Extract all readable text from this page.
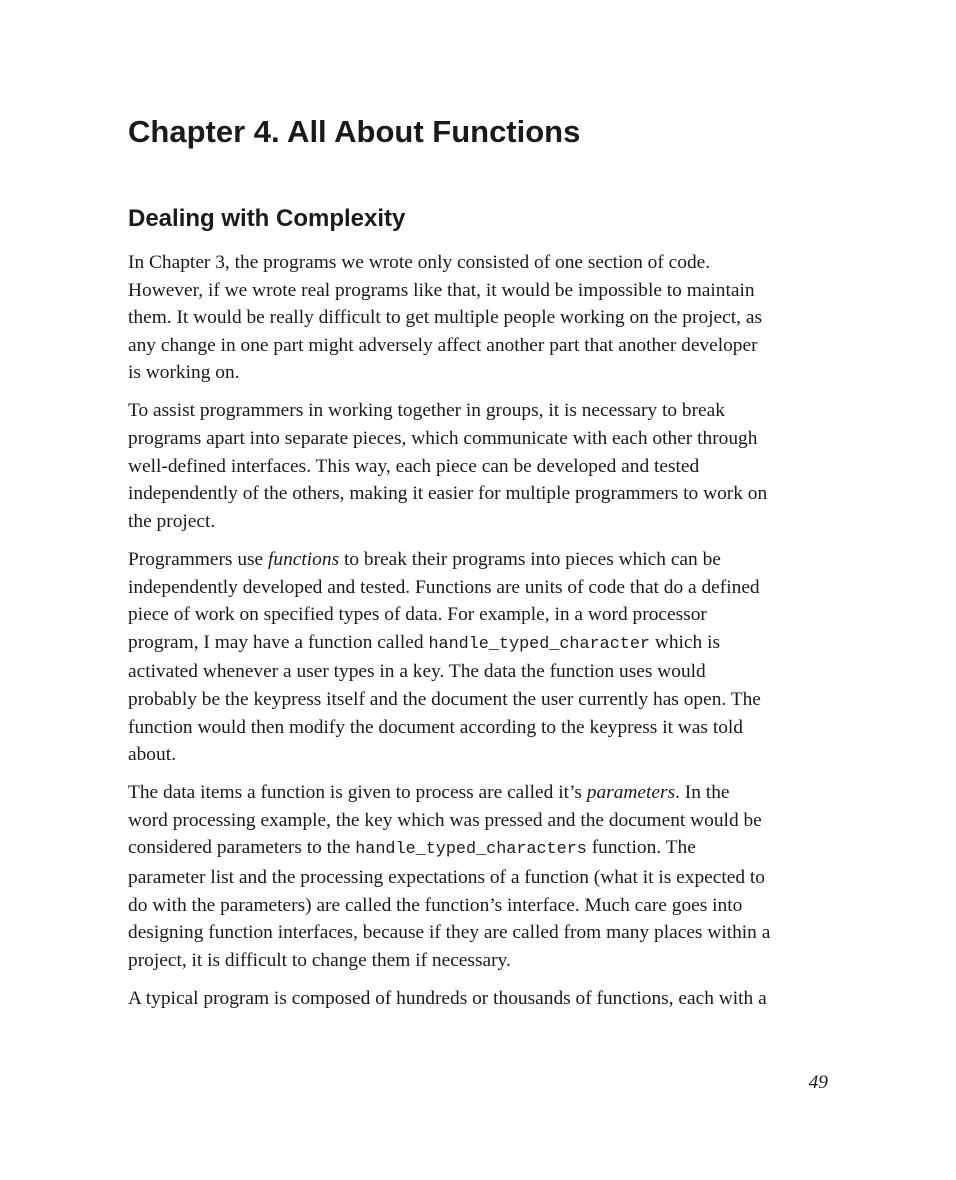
Chapter 4. All About Functions
Dealing with Complexity

In Chapter 3, the programs we wrote only consisted of one section of code.
However, if we wrote real programs like that, it would be impossible to maintain
them. It would be really difficult to get multiple people working on the project, as
any change in one part might adversely affect another part that another developer
is working on.

To assist programmers in working together in groups, it is necessary to break
programs apart into separate pieces, which communicate with each other through
well-defined interfaces. This way, each piece can be developed and tested
independently of the others, making it easier for multiple programmers to work on
the project.

Programmers use functions to break their programs into pieces which can be
independently developed and tested. Functions are units of code that do a defined
piece of work on specified types of data. For example, in a word processor
program, I may have a function called handle_typed_character which is
activated whenever a user types in a key. The data the function uses would
probably be the keypress itself and the document the user currently has open. The
function would then modify the document according to the keypress it was told
about.

The data items a function is given to process are called it’s parameters. In the
word processing example, the key which was pressed and the document would be
considered parameters to the handle_typed_characters function. The
parameter list and the processing expectations of a function (what it is expected to
do with the parameters) are called the function’s interface. Much care goes into
designing function interfaces, because if they are called from many places within a
project, it is difficult to change them if necessary.

A typical program is composed of hundreds or thousands of functions, each with a

49
